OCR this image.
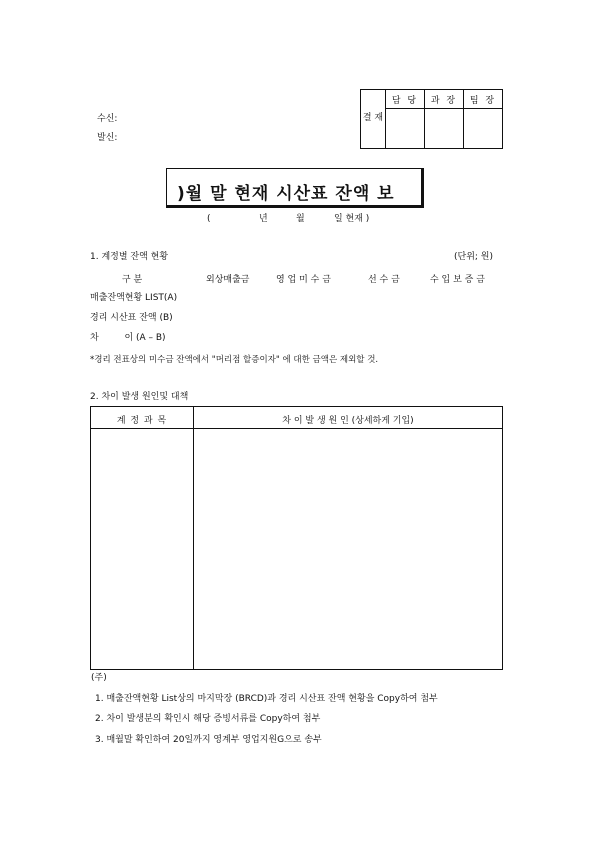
결 재	담 당	과 장	팀 장

수신:
발신:
)월 말 현재 시산표 잔액 보
(	년	월	일 현재 )
1. 계정별 잔액 현황	(단위; 원)
구 분	외상매출금	영 업 미 수 금	선 수 금	수 입 보 증 금
매출잔액현황 LIST(A)
경리 시산표 잔액 (B)
차         이 (A – B)
*경리 전표상의 미수금 잔액에서 "머리점 할증이자" 에 대한 금액은 제외할 것.
2. 차이 발생 원인및 대책
계 정 과 목	차 이 발 생 원 인 (상세하게 기입)
(주)
1. 매출잔액현황 List상의 마지막장 (BRCD)과 경리 시산표 잔액 현황을 Copy하여 첨부
2. 차이 발생분의 확인시 해당 증빙서류를 Copy하여 첨부
3. 매월말 확인하여 20일까지 영계부 영업지원G으로 송부
